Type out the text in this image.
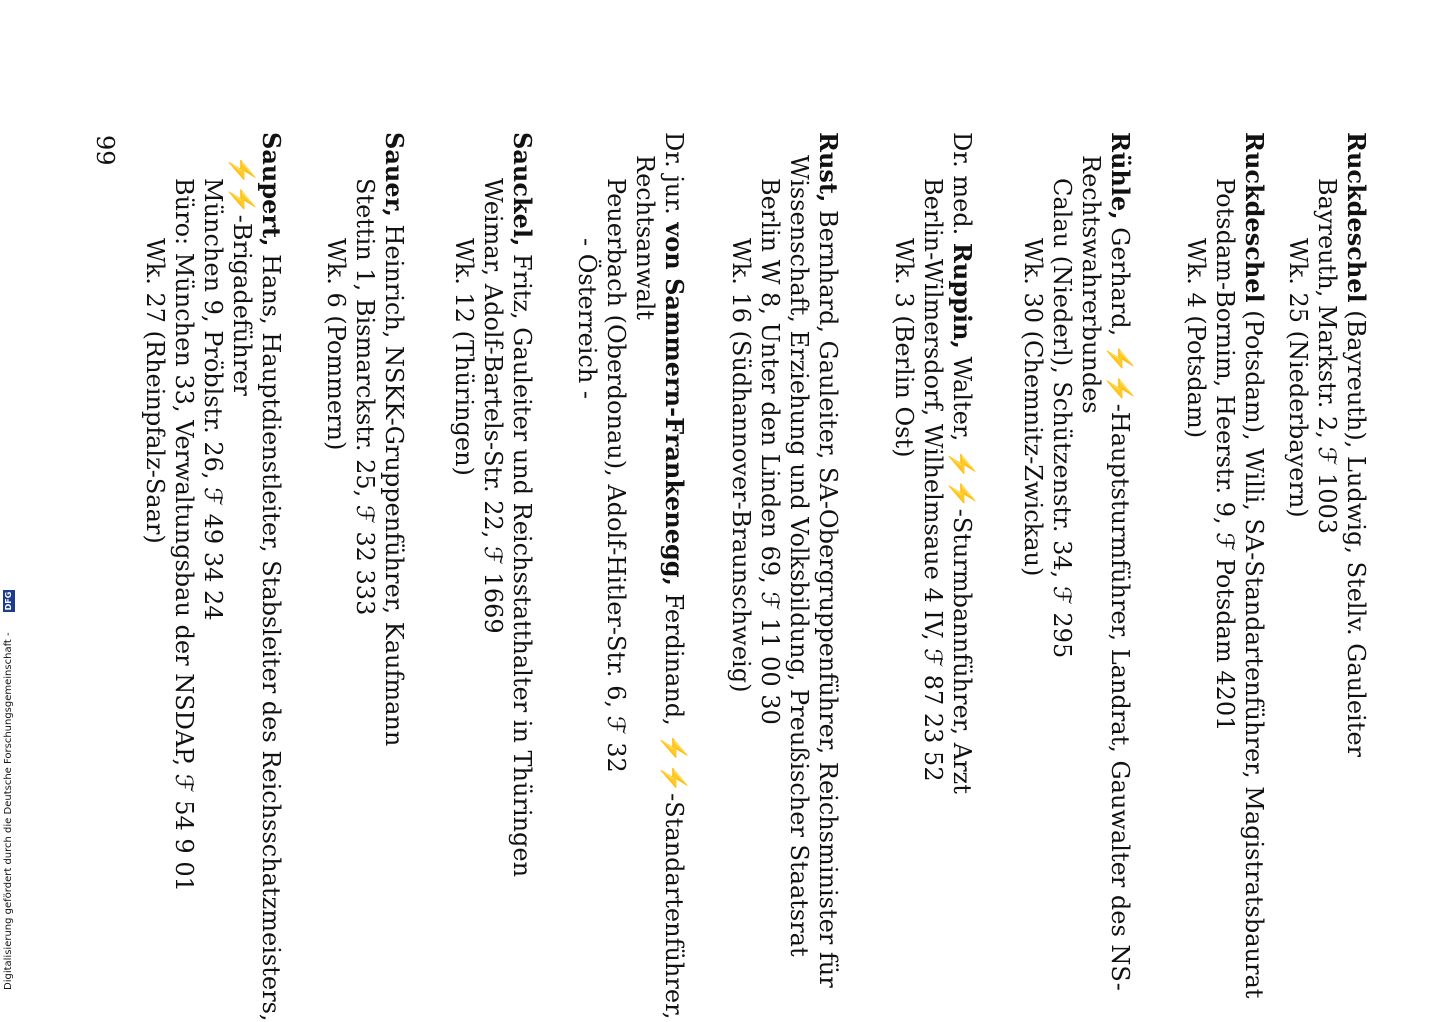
Ruckdeschel (Bayreuth), Ludwig, Stellv. Gauleiter
Bayreuth, Markstr. 2, ℱ 1003
Wk. 25 (Niederbayern)
Ruckdeschel (Potsdam), Willi, SA-Standartenführer, Magistratsbaurat
Potsdam-Bornim, Heerstr. 9, ℱ Potsdam 4201
Wk. 4 (Potsdam)
Rühle, Gerhard, ⚡⚡-Hauptsturmführer, Landrat, Gauwalter des NS-
Rechtswahrerbundes
Calau (Niederl), Schützenstr. 34, ℱ 295
Wk. 30 (Chemnitz-Zwickau)
Dr. med. Ruppin, Walter, ⚡⚡-Sturmbannführer, Arzt
Berlin-Wilmersdorf, Wilhelmsaue 4 IV, ℱ 87 23 52
Wk. 3 (Berlin Ost)
Rust, Bernhard, Gauleiter, SA-Obergruppenführer, Reichsminister für
Wissenschaft, Erziehung und Volksbildung, Preußischer Staatsrat
Berlin W 8, Unter den Linden 69, ℱ 11 00 30
Wk. 16 (Südhannover-Braunschweig)
Dr. jur. von Sammern-Frankenegg, Ferdinand, ⚡⚡-Standartenführer,
Rechtsanwalt
Peuerbach (Oberdonau), Adolf-Hitler-Str. 6, ℱ 32
- Österreich -
Sauckel, Fritz, Gauleiter und Reichsstatthalter in Thüringen
Weimar, Adolf-Bartels-Str. 22, ℱ 1669
Wk. 12 (Thüringen)
Sauer, Heinrich, NSKK-Gruppenführer, Kaufmann
Stettin 1, Bismarckstr. 25, ℱ 32 333
Wk. 6 (Pommern)
Saupert, Hans, Hauptdienstleiter, Stabsleiter des Reichsschatzmeisters,
⚡⚡-Brigadeführer
München 9, Pröblstr. 26, ℱ 49 34 24
Büro: München 33, Verwaltungsbau der NSDAP, ℱ 54 9 01
Wk. 27 (Rheinpfalz-Saar)
99
Digitalisierung gefördert durch die Deutsche Forschungsgemeinschaft -
DFG
